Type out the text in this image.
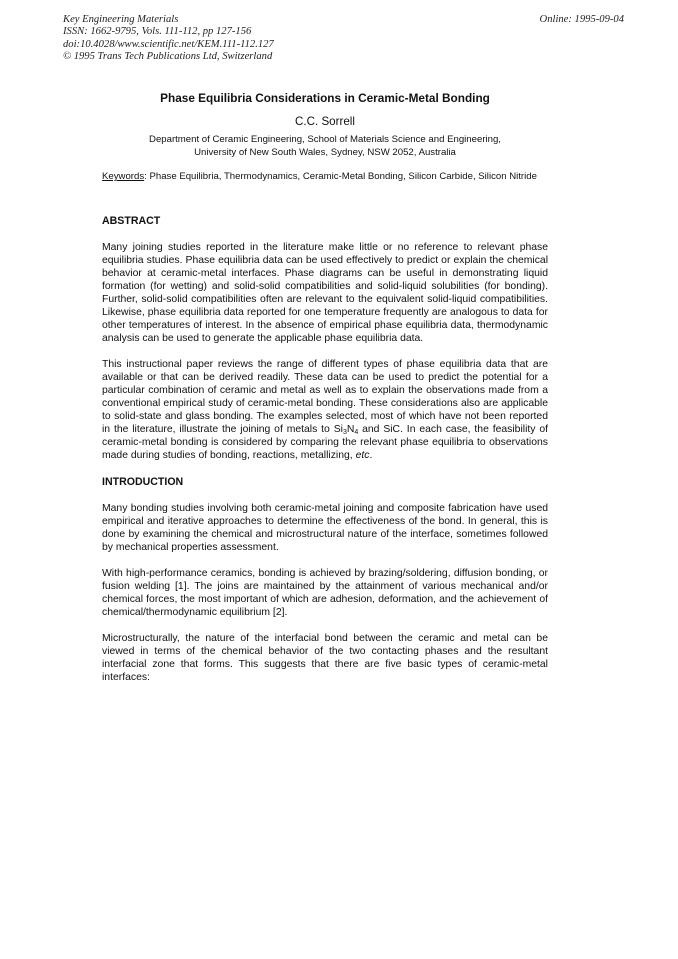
Key Engineering Materials
ISSN: 1662-9795, Vols. 111-112, pp 127-156
doi:10.4028/www.scientific.net/KEM.111-112.127
© 1995 Trans Tech Publications Ltd, Switzerland
Online: 1995-09-04
Phase Equilibria Considerations in Ceramic-Metal Bonding
C.C. Sorrell
Department of Ceramic Engineering, School of Materials Science and Engineering,
University of New South Wales, Sydney, NSW 2052, Australia
Keywords: Phase Equilibria, Thermodynamics, Ceramic-Metal Bonding, Silicon Carbide, Silicon Nitride
ABSTRACT

Many joining studies reported in the literature make little or no reference to relevant phase equilibria studies. Phase equilibria data can be used effectively to predict or explain the chemical behavior at ceramic-metal interfaces. Phase diagrams can be useful in demonstrating liquid formation (for wetting) and solid-solid compatibilities and solid-liquid solubilities (for bonding). Further, solid-solid compatibilities often are relevant to the equivalent solid-liquid compatibilities. Likewise, phase equilibria data reported for one temperature frequently are analogous to data for other temperatures of interest. In the absence of empirical phase equilibria data, thermodynamic analysis can be used to generate the applicable phase equilibria data.

This instructional paper reviews the range of different types of phase equilibria data that are available or that can be derived readily. These data can be used to predict the potential for a particular combination of ceramic and metal as well as to explain the observations made from a conventional empirical study of ceramic-metal bonding. These considerations also are applicable to solid-state and glass bonding. The examples selected, most of which have not been reported in the literature, illustrate the joining of metals to $Si_3N_4$ and SiC. In each case, the feasibility of ceramic-metal bonding is considered by comparing the relevant phase equilibria to observations made during studies of bonding, reactions, metallizing, etc.

INTRODUCTION

Many bonding studies involving both ceramic-metal joining and composite fabrication have used empirical and iterative approaches to determine the effectiveness of the bond. In general, this is done by examining the chemical and microstructural nature of the interface, sometimes followed by mechanical properties assessment.

With high-performance ceramics, bonding is achieved by brazing/soldering, diffusion bonding, or fusion welding [1]. The joins are maintained by the attainment of various mechanical and/or chemical forces, the most important of which are adhesion, deformation, and the achievement of chemical/thermodynamic equilibrium [2].

Microstructurally, the nature of the interfacial bond between the ceramic and metal can be viewed in terms of the chemical behavior of the two contacting phases and the resultant interfacial zone that forms. This suggests that there are five basic types of ceramic-metal interfaces:
